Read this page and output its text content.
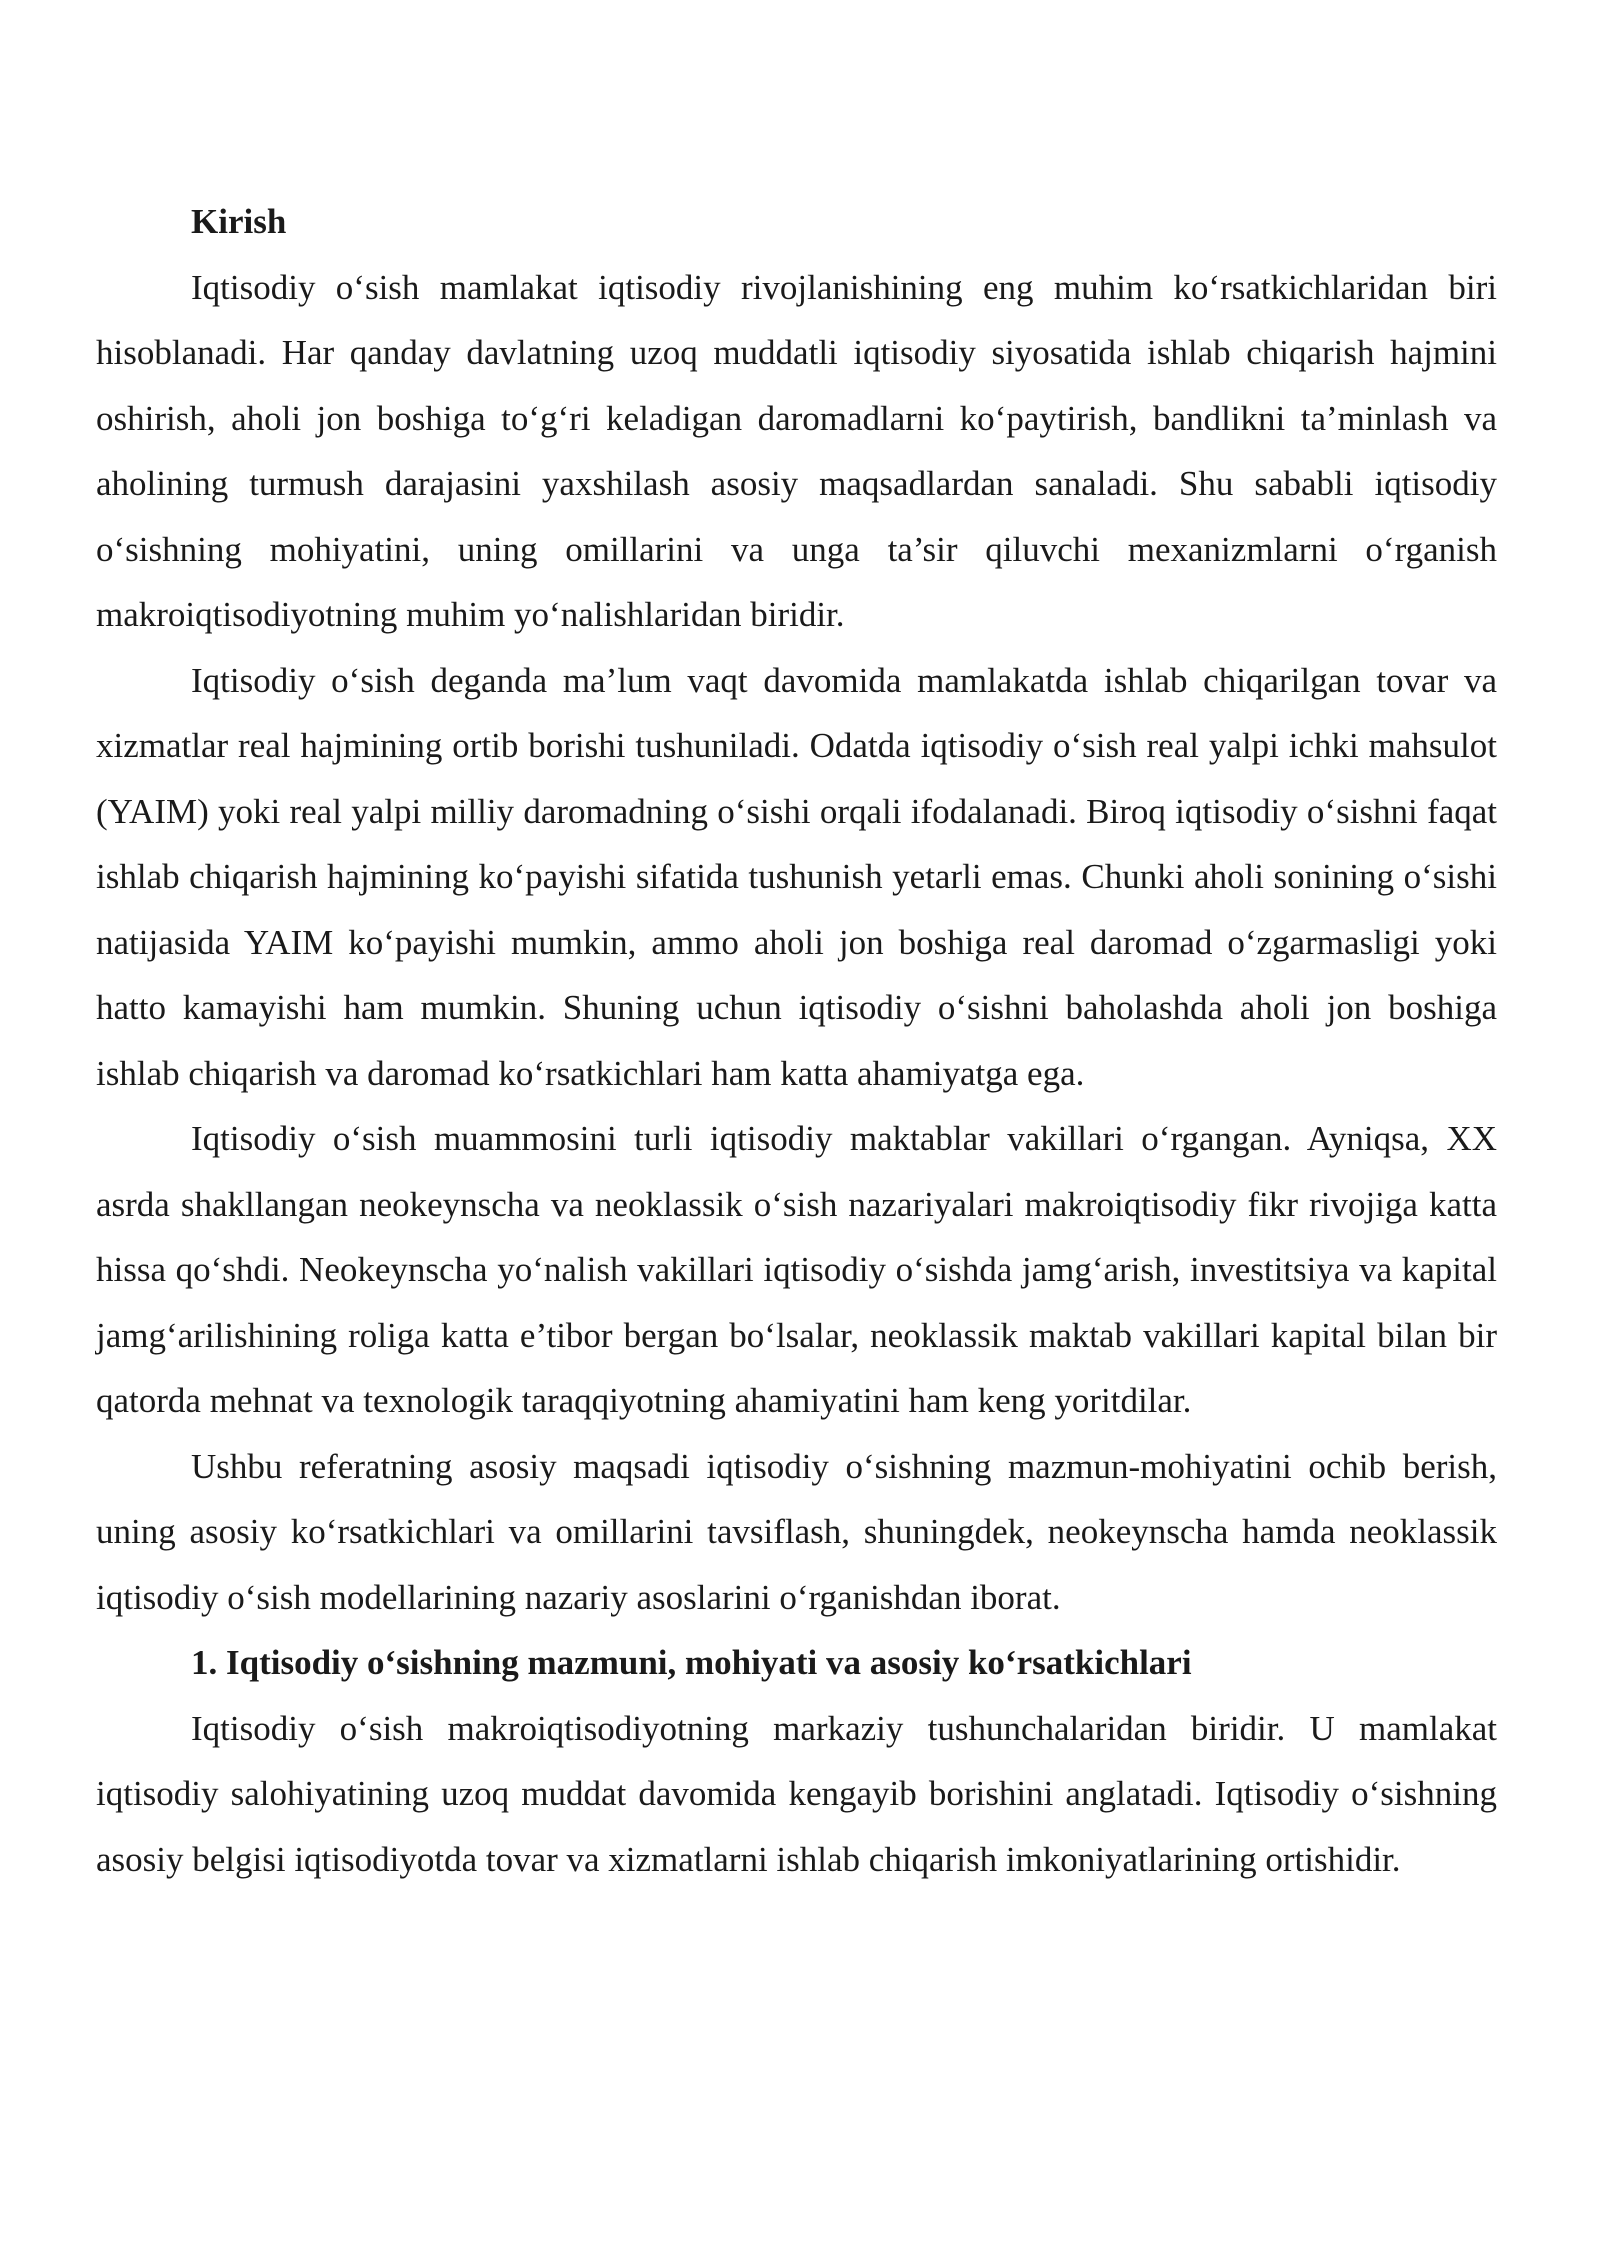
Kirish

Iqtisodiy o‘sish mamlakat iqtisodiy rivojlanishining eng muhim ko‘rsatkichlaridan biri hisoblanadi. Har qanday davlatning uzoq muddatli iqtisodiy siyosatida ishlab chiqarish hajmini oshirish, aholi jon boshiga to‘g‘ri keladigan daromadlarni ko‘paytirish, bandlikni ta’minlash va aholining turmush darajasini yaxshilash asosiy maqsadlardan sanaladi. Shu sababli iqtisodiy o‘sishning mohiyatini, uning omillarini va unga ta’sir qiluvchi mexanizmlarni o‘rganish makroiqtisodiyotning muhim yo‘nalishlaridan biridir.

Iqtisodiy o‘sish deganda ma’lum vaqt davomida mamlakatda ishlab chiqarilgan tovar va xizmatlar real hajmining ortib borishi tushuniladi. Odatda iqtisodiy o‘sish real yalpi ichki mahsulot (YAIM) yoki real yalpi milliy daromadning o‘sishi orqali ifodalanadi. Biroq iqtisodiy o‘sishni faqat ishlab chiqarish hajmining ko‘payishi sifatida tushunish yetarli emas. Chunki aholi sonining o‘sishi natijasida YAIM ko‘payishi mumkin, ammo aholi jon boshiga real daromad o‘zgarmasligi yoki hatto kamayishi ham mumkin. Shuning uchun iqtisodiy o‘sishni baholashda aholi jon boshiga ishlab chiqarish va daromad ko‘rsatkichlari ham katta ahamiyatga ega.

Iqtisodiy o‘sish muammosini turli iqtisodiy maktablar vakillari o‘rgangan. Ayniqsa, XX asrda shakllangan neokeynscha va neoklassik o‘sish nazariyalari makroiqtisodiy fikr rivojiga katta hissa qo‘shdi. Neokeynscha yo‘nalish vakillari iqtisodiy o‘sishda jamg‘arish, investitsiya va kapital jamg‘arilishining roliga katta e’tibor bergan bo‘lsalar, neoklassik maktab vakillari kapital bilan bir qatorda mehnat va texnologik taraqqiyotning ahamiyatini ham keng yoritdilar.

Ushbu referatning asosiy maqsadi iqtisodiy o‘sishning mazmun-mohiyatini ochib berish, uning asosiy ko‘rsatkichlari va omillarini tavsiflash, shuningdek, neokeynscha hamda neoklassik iqtisodiy o‘sish modellarining nazariy asoslarini o‘rganishdan iborat.

1. Iqtisodiy o‘sishning mazmuni, mohiyati va asosiy ko‘rsatkichlari

Iqtisodiy o‘sish makroiqtisodiyotning markaziy tushunchalaridan biridir. U mamlakat iqtisodiy salohiyatining uzoq muddat davomida kengayib borishini anglatadi. Iqtisodiy o‘sishning asosiy belgisi iqtisodiyotda tovar va xizmatlarni ishlab chiqarish imkoniyatlarining ortishidir.
